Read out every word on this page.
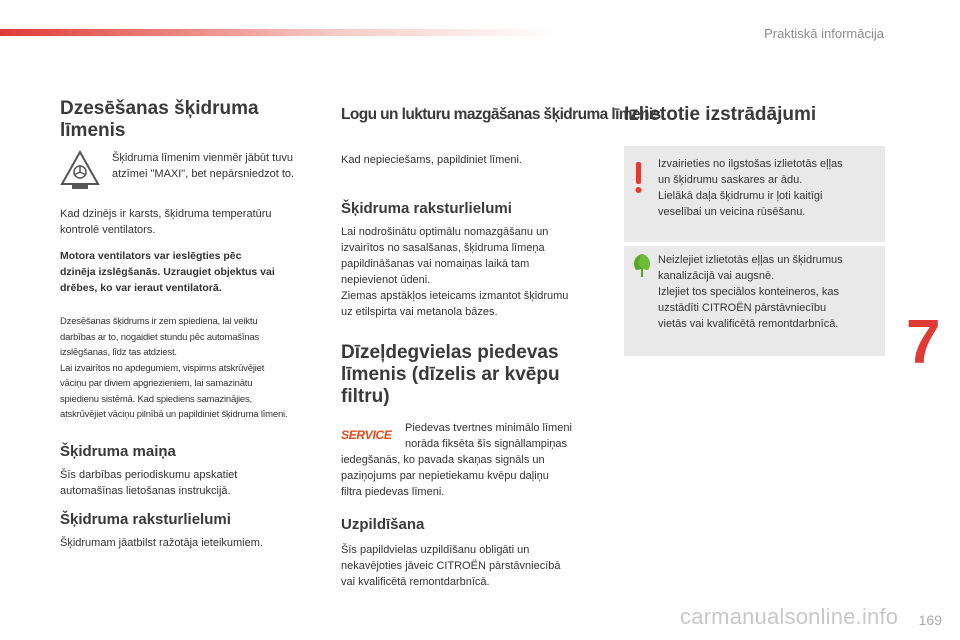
Praktiskā informācija
Dzesēšanas šķidruma
līmenis

Šķidruma līmenim vienmēr jābūt tuvu
atzīmei "MAXI", bet nepārsniedzot to.

Kad dzinējs ir karsts, šķidruma temperatūru
kontrolē ventilators.

Motora ventilators var ieslēgties pēc
dzinēja izslēgšanās. Uzraugiet objektus vai
drēbes, ko var ieraut ventilatorā.

Dzesēšanas šķidrums ir zem spiediena, lai veiktu
darbības ar to, nogaidiet stundu pēc automašīnas
izslēgšanas, līdz tas atdziest.
Lai izvairītos no apdegumiem, vispirms atskrūvējiet
vāciņu par diviem apgriezieniem, lai samazinātu
spiedienu sistēmā. Kad spiediens samazinājies,
atskrūvējiet vāciņu pilnībā un papildiniet šķidruma līmeni.

Šķidruma maiņa

Šīs darbības periodiskumu apskatiet
automašīnas lietošanas instrukcijā.

Šķidruma raksturlielumi

Šķidrumam jāatbilst ražotāja ieteikumiem.

Logu un lukturu mazgāšanas šķidruma līmenis

Kad nepieciešams, papildiniet līmeni.

Šķidruma raksturlielumi

Lai nodrošinātu optimālu nomazgāšanu un
izvairītos no sasalšanas, šķidruma līmeņa
papildināšanas vai nomaiņas laikā tam
nepievienot ūdeni.
Ziemas apstākļos ieteicams izmantot šķidrumu
uz etilspirta vai metanola bāzes.

Dīzeļdegvielas piedevas
līmenis (dīzelis ar kvēpu
filtru)
SERVICE Piedevas tvertnes minimālo līmeni
norāda fiksēta šīs signāllampiņas

iedegšanās, ko pavada skaņas signāls un
paziņojums par nepietiekamu kvēpu daļiņu
filtra piedevas līmeni.

Uzpildīšana

Šīs papildvielas uzpildīšanu obligāti un
nekavējoties jāveic CITROËN pārstāvniecībā
vai kvalificētā remontdarbnīcā.

Izlietotie izstrādājumi

Izvairieties no ilgstošas izlietotās eļļas
un šķidrumu saskares ar ādu.
Lielākā daļa šķidrumu ir ļoti kaitīgi
veselībai un veicina rūsēšanu.

Neizlejiet izlietotās eļļas un šķidrumus
kanalizācijā vai augsnē.
Izlejiet tos speciālos konteineros, kas
uzstādīti CITROËN pārstāvniecību
vietās vai kvalificētā remontdarbnīcā.	7
carmanualsonline.info 169
